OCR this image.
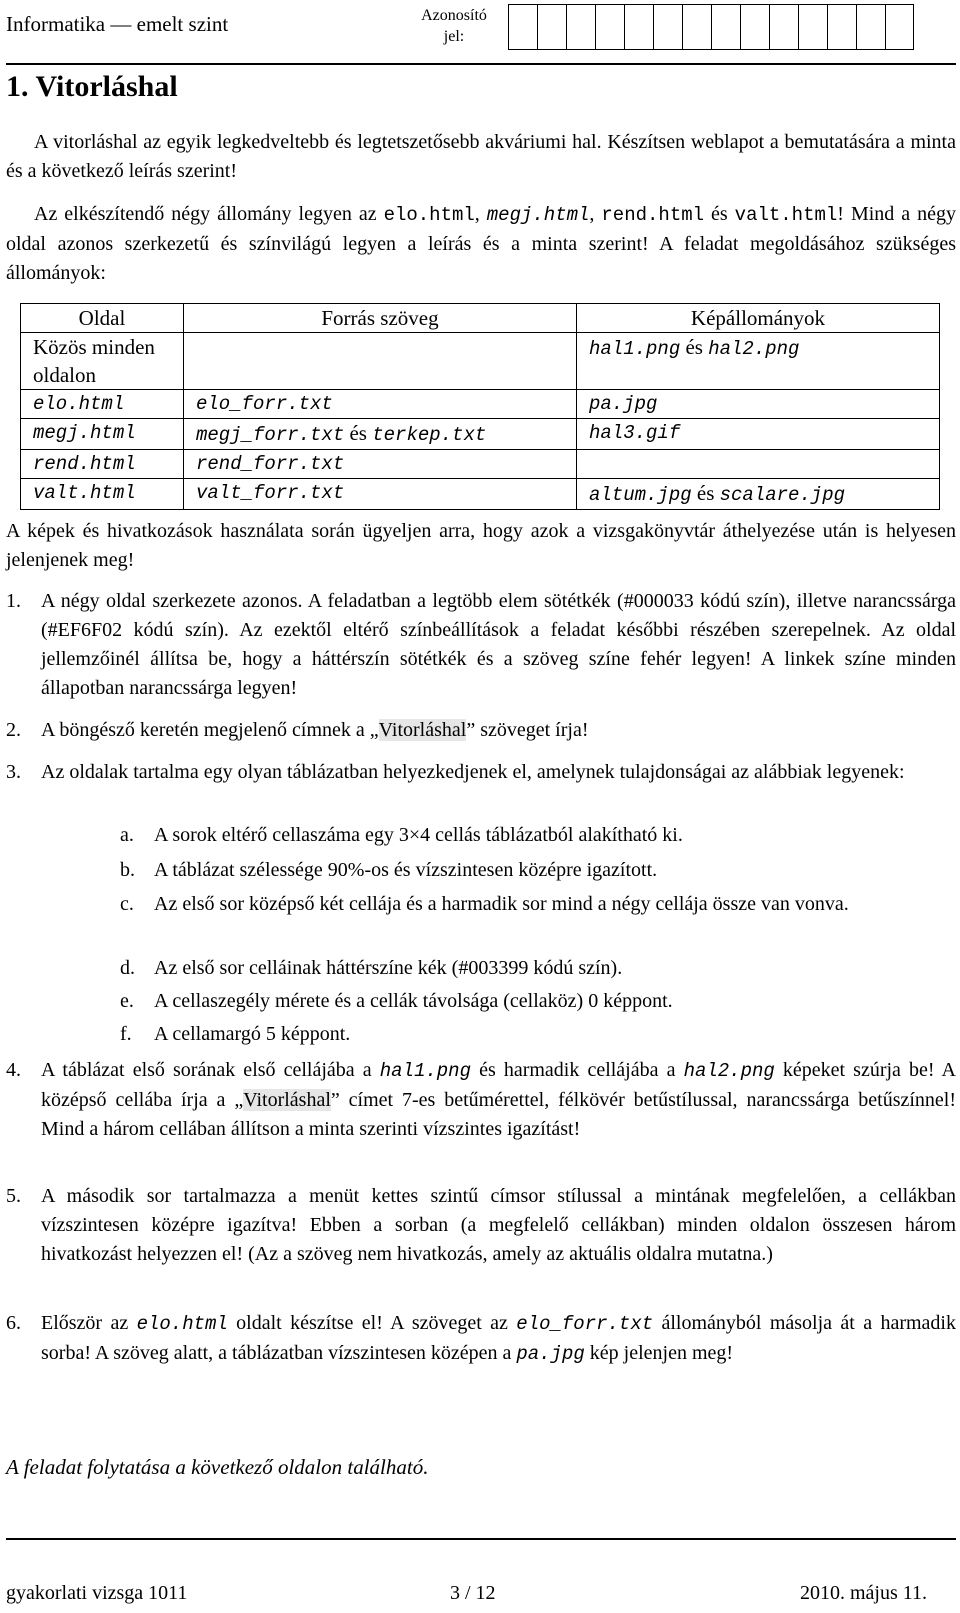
Informatika — emelt szint	Azonosító jel:
1. Vitorláshal
A vitorláshal az egyik legkedveltebb és legtetszetősebb akváriumi hal. Készítsen weblapot a bemutatására a minta és a következő leírás szerint!
Az elkészítendő négy állomány legyen az elo.html, megj.html, rend.html és valt.html! Mind a négy oldal azonos szerkezetű és színvilágú legyen a leírás és a minta szerint! A feladat megoldásához szükséges állományok:
Oldal	Forrás szöveg	Képállományok
Közös minden oldalon		hal1.png és hal2.png
elo.html	elo_forr.txt	pa.jpg
megj.html	megj_forr.txt és terkep.txt	hal3.gif
rend.html	rend_forr.txt	
valt.html	valt_forr.txt	altum.jpg és scalare.jpg
A képek és hivatkozások használata során ügyeljen arra, hogy azok a vizsgakönyvtár áthelyezése után is helyesen jelenjenek meg!
1. A négy oldal szerkezete azonos. A feladatban a legtöbb elem sötétkék (#000033 kódú szín), illetve narancssárga (#EF6F02 kódú szín). Az ezektől eltérő színbeállítások a feladat későbbi részében szerepelnek. Az oldal jellemzőinél állítsa be, hogy a háttérszín sötétkék és a szöveg színe fehér legyen! A linkek színe minden állapotban narancssárga legyen!
2. A böngésző keretén megjelenő címnek a „Vitorláshal” szöveget írja!
3. Az oldalak tartalma egy olyan táblázatban helyezkedjenek el, amelynek tulajdonságai az alábbiak legyenek:
a. A sorok eltérő cellaszáma egy 3×4 cellás táblázatból alakítható ki.
b. A táblázat szélessége 90%-os és vízszintesen középre igazított.
c. Az első sor középső két cellája és a harmadik sor mind a négy cellája össze van vonva.
d. Az első sor celláinak háttérszíne kék (#003399 kódú szín).
e. A cellaszegély mérete és a cellák távolsága (cellaköz) 0 képpont.
f. A cellamargó 5 képpont.
4. A táblázat első sorának első cellájába a hal1.png és harmadik cellájába a hal2.png képeket szúrja be! A középső cellába írja a „Vitorláshal” címet 7-es betűmérettel, félkövér betűstílussal, narancssárga betűszínnel! Mind a három cellában állítson a minta szerinti vízszintes igazítást!
5. A második sor tartalmazza a menüt kettes szintű címsor stílussal a mintának megfelelően, a cellákban vízszintesen középre igazítva! Ebben a sorban (a megfelelő cellákban) minden oldalon összesen három hivatkozást helyezzen el! (Az a szöveg nem hivatkozás, amely az aktuális oldalra mutatna.)
6. Először az elo.html oldalt készítse el! A szöveget az elo_forr.txt állományból másolja át a harmadik sorba! A szöveg alatt, a táblázatban vízszintesen középen a pa.jpg kép jelenjen meg!
A feladat folytatása a következő oldalon található.
gyakorlati vizsga 1011	3 / 12	2010. május 11.
